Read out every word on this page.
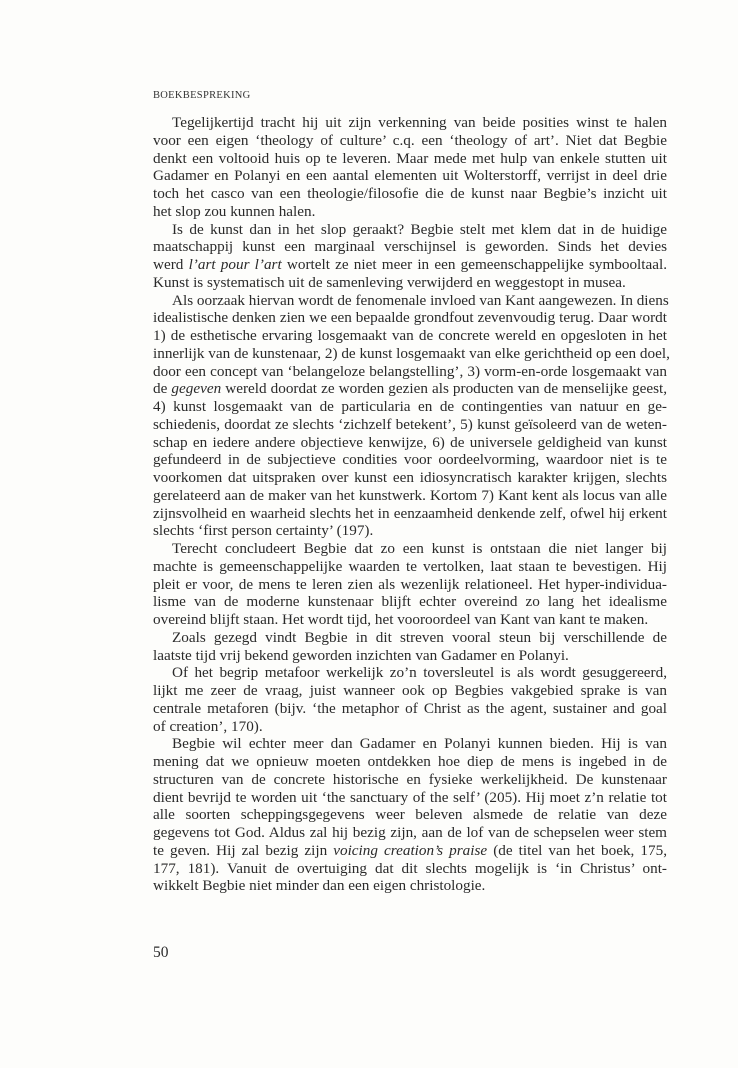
BOEKBESPREKING
Tegelijkertijd tracht hij uit zijn verkenning van beide posities winst te halen
voor een eigen ‘theology of culture’ c.q. een ‘theology of art’. Niet dat Begbie
denkt een voltooid huis op te leveren. Maar mede met hulp van enkele stutten uit
Gadamer en Polanyi en een aantal elementen uit Wolterstorff, verrijst in deel drie
toch het casco van een theologie/filosofie die de kunst naar Begbie’s inzicht uit
het slop zou kunnen halen.
Is de kunst dan in het slop geraakt? Begbie stelt met klem dat in de huidige
maatschappij kunst een marginaal verschijnsel is geworden. Sinds het devies
werd l’art pour l’art wortelt ze niet meer in een gemeenschappelijke symbooltaal.
Kunst is systematisch uit de samenleving verwijderd en weggestopt in musea.
Als oorzaak hiervan wordt de fenomenale invloed van Kant aangewezen. In diens
idealistische denken zien we een bepaalde grondfout zevenvoudig terug. Daar wordt
1) de esthetische ervaring losgemaakt van de concrete wereld en opgesloten in het
innerlijk van de kunstenaar, 2) de kunst losgemaakt van elke gerichtheid op een doel,
door een concept van ‘belangeloze belangstelling’, 3) vorm-en-orde losgemaakt van
de gegeven wereld doordat ze worden gezien als producten van de menselijke geest,
4) kunst losgemaakt van de particularia en de contingenties van natuur en ge-
schiedenis, doordat ze slechts ‘zichzelf betekent’, 5) kunst geïsoleerd van de weten-
schap en iedere andere objectieve kenwijze, 6) de universele geldigheid van kunst
gefundeerd in de subjectieve condities voor oordeelvorming, waardoor niet is te
voorkomen dat uitspraken over kunst een idiosyncratisch karakter krijgen, slechts
gerelateerd aan de maker van het kunstwerk. Kortom 7) Kant kent als locus van alle
zijnsvolheid en waarheid slechts het in eenzaamheid denkende zelf, ofwel hij erkent
slechts ‘first person certainty’ (197).
Terecht concludeert Begbie dat zo een kunst is ontstaan die niet langer bij
machte is gemeenschappelijke waarden te vertolken, laat staan te bevestigen. Hij
pleit er voor, de mens te leren zien als wezenlijk relationeel. Het hyper-individua-
lisme van de moderne kunstenaar blijft echter overeind zo lang het idealisme
overeind blijft staan. Het wordt tijd, het vooroordeel van Kant van kant te maken.
Zoals gezegd vindt Begbie in dit streven vooral steun bij verschillende de
laatste tijd vrij bekend geworden inzichten van Gadamer en Polanyi.
Of het begrip metafoor werkelijk zo’n toversleutel is als wordt gesuggereerd,
lijkt me zeer de vraag, juist wanneer ook op Begbies vakgebied sprake is van
centrale metaforen (bijv. ‘the metaphor of Christ as the agent, sustainer and goal
of creation’, 170).
Begbie wil echter meer dan Gadamer en Polanyi kunnen bieden. Hij is van
mening dat we opnieuw moeten ontdekken hoe diep de mens is ingebed in de
structuren van de concrete historische en fysieke werkelijkheid. De kunstenaar
dient bevrijd te worden uit ‘the sanctuary of the self’ (205). Hij moet z’n relatie tot
alle soorten scheppingsgegevens weer beleven alsmede de relatie van deze
gegevens tot God. Aldus zal hij bezig zijn, aan de lof van de schepselen weer stem
te geven. Hij zal bezig zijn voicing creation’s praise (de titel van het boek, 175,
177, 181). Vanuit de overtuiging dat dit slechts mogelijk is ‘in Christus’ ont-
wikkelt Begbie niet minder dan een eigen christologie.
50
